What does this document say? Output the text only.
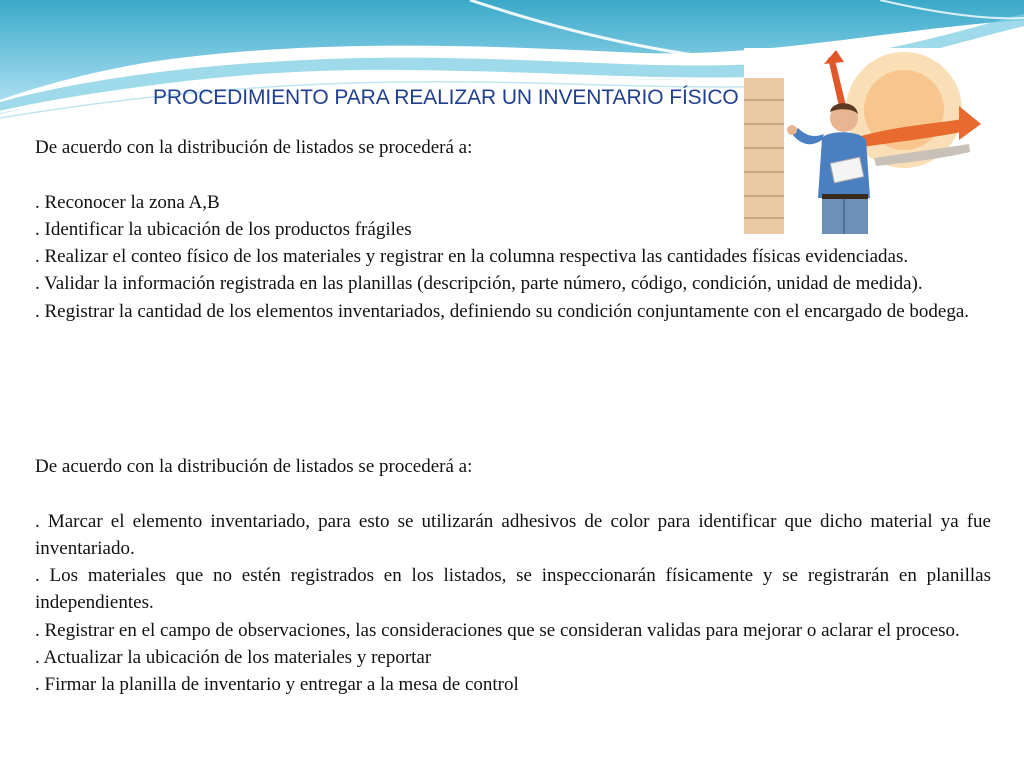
PROCEDIMIENTO PARA REALIZAR UN INVENTARIO FÍSICO

De acuerdo con la distribución de listados se procederá a:

. Reconocer la zona A,B

. Identificar la ubicación de los productos frágiles

. Realizar el conteo físico de los materiales y registrar en la columna respectiva las cantidades físicas evidenciadas.

. Validar la información registrada en las planillas (descripción, parte número, código, condición, unidad de medida).

. Registrar la cantidad de los elementos inventariados, definiendo su condición conjuntamente con el encargado de bodega.

De acuerdo con la distribución de listados se procederá a:

. Marcar el elemento inventariado, para esto se utilizarán adhesivos de color para identificar que dicho material ya fue inventariado.

. Los materiales que no estén registrados en los listados, se inspeccionarán físicamente y se registrarán en planillas independientes.

. Registrar en el campo de observaciones, las consideraciones que se consideran validas para mejorar o aclarar el proceso.

. Actualizar la ubicación de los materiales y reportar

. Firmar la planilla de inventario y entregar a la mesa de control
